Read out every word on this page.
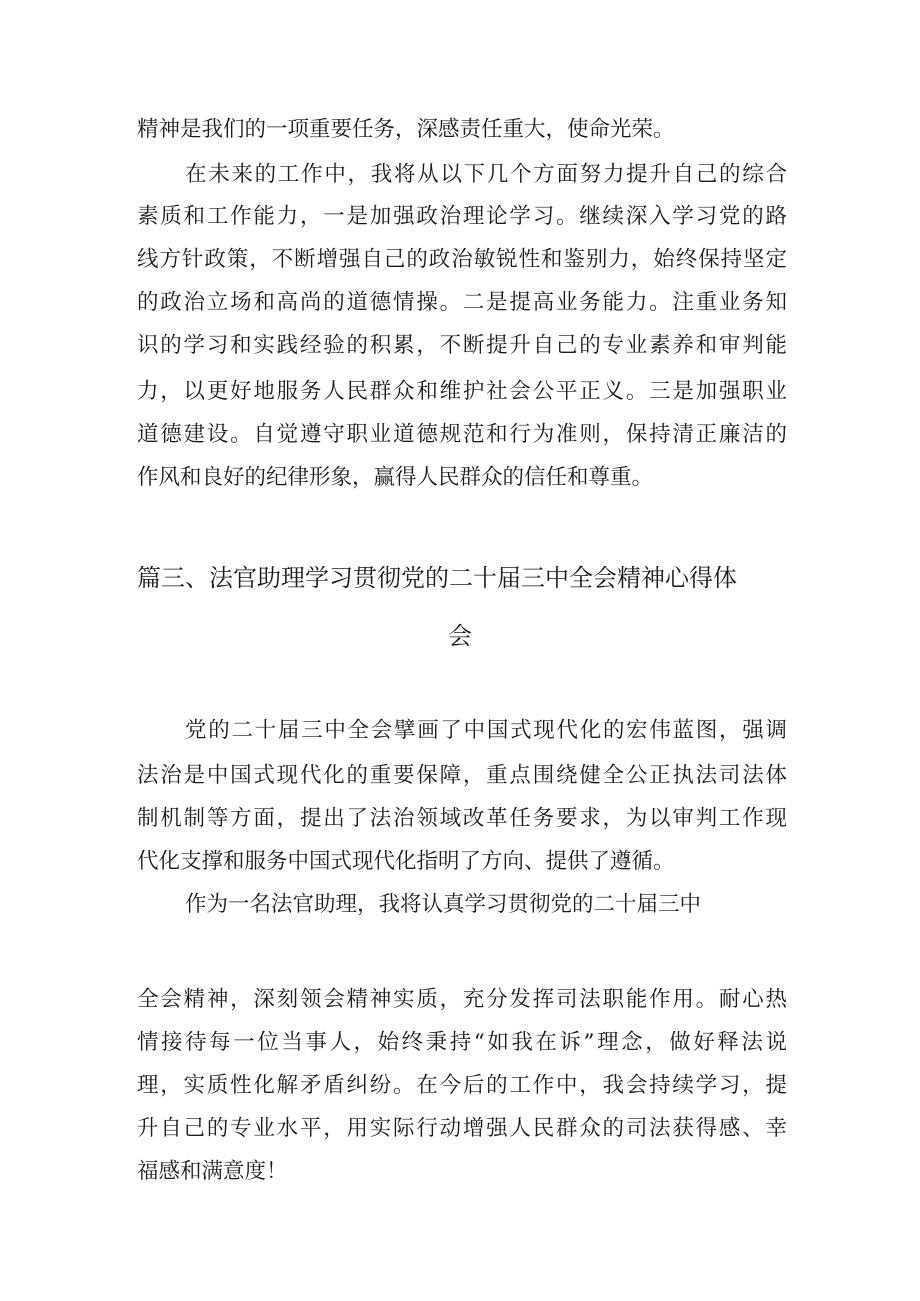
精神是我们的一项重要任务，深感责任重大，使命光荣。
在未来的工作中，我将从以下几个方面努力提升自己的综合
素质和工作能力，一是加强政治理论学习。继续深入学习党的路
线方针政策，不断增强自己的政治敏锐性和鉴别力，始终保持坚定
的政治立场和高尚的道德情操。二是提高业务能力。注重业务知
识的学习和实践经验的积累，不断提升自己的专业素养和审判能
力，以更好地服务人民群众和维护社会公平正义。三是加强职业
道德建设。自觉遵守职业道德规范和行为准则，保持清正廉洁的
作风和良好的纪律形象，赢得人民群众的信任和尊重。
篇三、法官助理学习贯彻党的二十届三中全会精神心得体
会
党的二十届三中全会擘画了中国式现代化的宏伟蓝图，强调
法治是中国式现代化的重要保障，重点围绕健全公正执法司法体
制机制等方面，提出了法治领域改革任务要求，为以审判工作现
代化支撑和服务中国式现代化指明了方向、提供了遵循。
作为一名法官助理，我将认真学习贯彻党的二十届三中
全会精神，深刻领会精神实质，充分发挥司法职能作用。耐心热
情接待每一位当事人，始终秉持“如我在诉”理念，做好释法说
理，实质性化解矛盾纠纷。在今后的工作中，我会持续学习，提
升自己的专业水平，用实际行动增强人民群众的司法获得感、幸
福感和满意度！
